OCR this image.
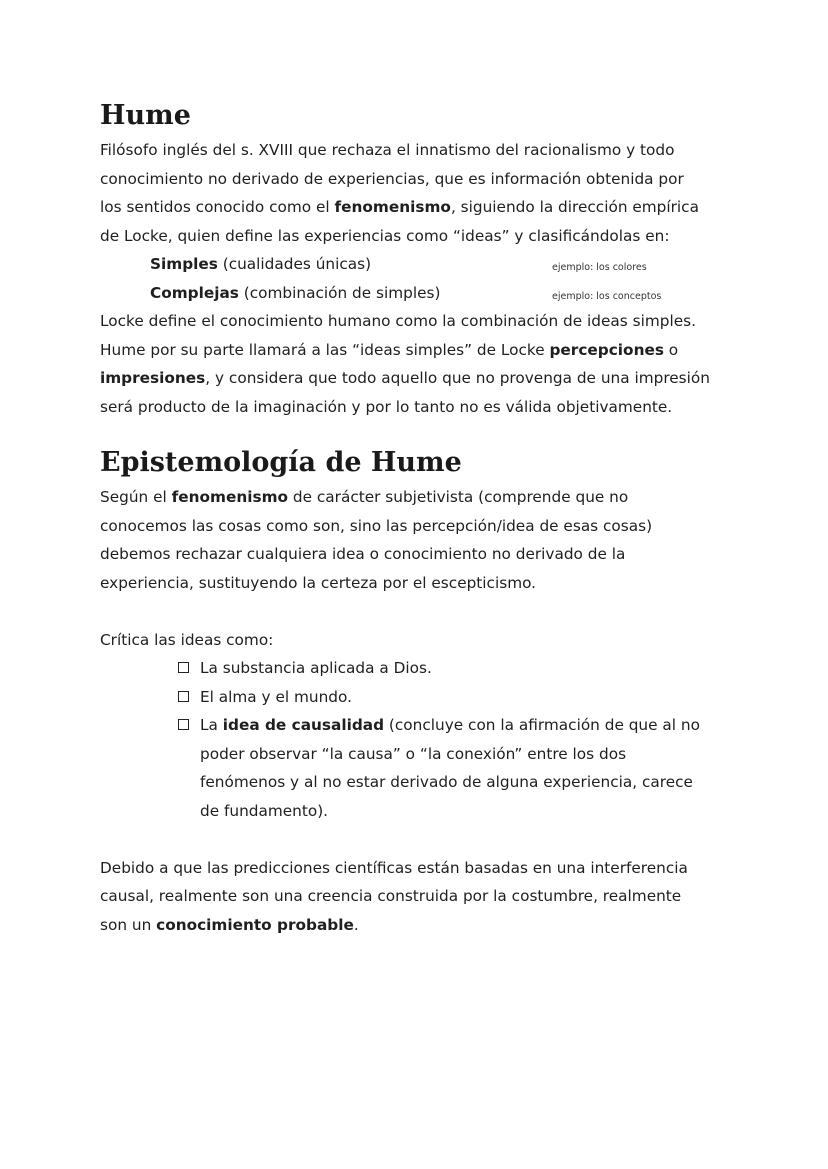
Hume
Filósofo inglés del s. XVIII que rechaza el innatismo del racionalismo y todo
conocimiento no derivado de experiencias, que es información obtenida por
los sentidos conocido como el fenomenismo, siguiendo la dirección empírica
de Locke, quien define las experiencias como “ideas” y clasificándolas en:
Simples (cualidades únicas)	ejemplo: los colores
Complejas (combinación de simples)	ejemplo: los conceptos
Locke define el conocimiento humano como la combinación de ideas simples.
Hume por su parte llamará a las “ideas simples” de Locke percepciones o
impresiones, y considera que todo aquello que no provenga de una impresión
será producto de la imaginación y por lo tanto no es válida objetivamente.
Epistemología de Hume
Según el fenomenismo de carácter subjetivista (comprende que no
conocemos las cosas como son, sino las percepción/idea de esas cosas)
debemos rechazar cualquiera idea o conocimiento no derivado de la
experiencia, sustituyendo la certeza por el escepticismo.
Crítica las ideas como:
La substancia aplicada a Dios.
El alma y el mundo.
La idea de causalidad (concluye con la afirmación de que al no
poder observar “la causa” o “la conexión” entre los dos
fenómenos y al no estar derivado de alguna experiencia, carece
de fundamento).
Debido a que las predicciones científicas están basadas en una interferencia
causal, realmente son una creencia construida por la costumbre, realmente
son un conocimiento probable.
